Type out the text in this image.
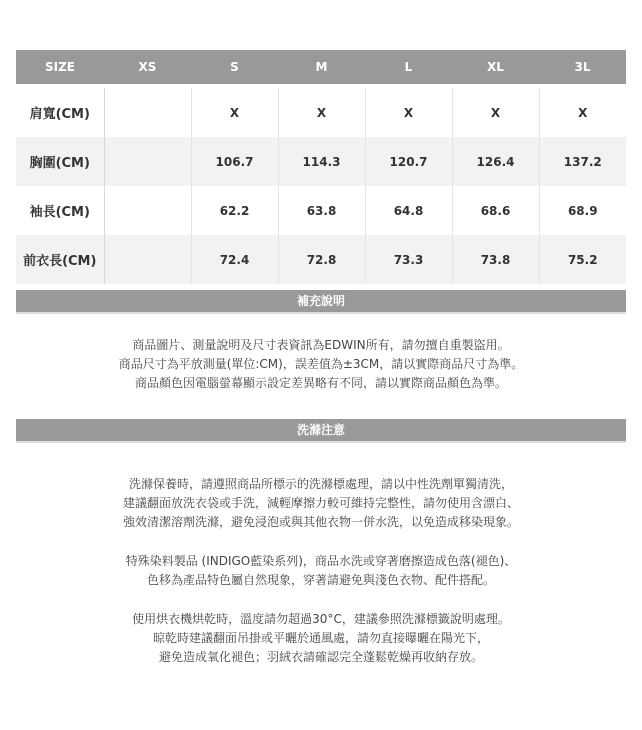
SIZE	XS	S	M	L	XL	3L

肩寬(CM)		X	X	X	X	X
胸圍(CM)		106.7	114.3	120.7	126.4	137.2
袖長(CM)		62.2	63.8	64.8	68.6	68.9
前衣長(CM)		72.4	72.8	73.3	73.8	75.2
補充說明

商品圖片、測量說明及尺寸表資訊為EDWIN所有，請勿擅自重製盜用。

商品尺寸為平放測量(單位:CM)，誤差值為±3CM，請以實際商品尺寸為準。

商品顏色因電腦螢幕顯示設定差異略有不同，請以實際商品顏色為準。

洗滌注意

洗滌保養時，請遵照商品所標示的洗滌標處理，請以中性洗劑單獨清洗，

建議翻面放洗衣袋或手洗，減輕摩擦力較可維持完整性，請勿使用含漂白、

強效清潔溶劑洗滌，避免浸泡或與其他衣物一併水洗，以免造成移染現象。

特殊染料製品 (INDIGO藍染系列)，商品水洗或穿著磨擦造成色落(褪色)、

色移為產品特色屬自然現象，穿著請避免與淺色衣物、配件搭配。

使用烘衣機烘乾時，溫度請勿超過30°C，建議參照洗滌標籤說明處理。

晾乾時建議翻面吊掛或平曬於通風處，請勿直接曝曬在陽光下，

避免造成氧化褪色；羽絨衣請確認完全蓬鬆乾燥再收納存放。
